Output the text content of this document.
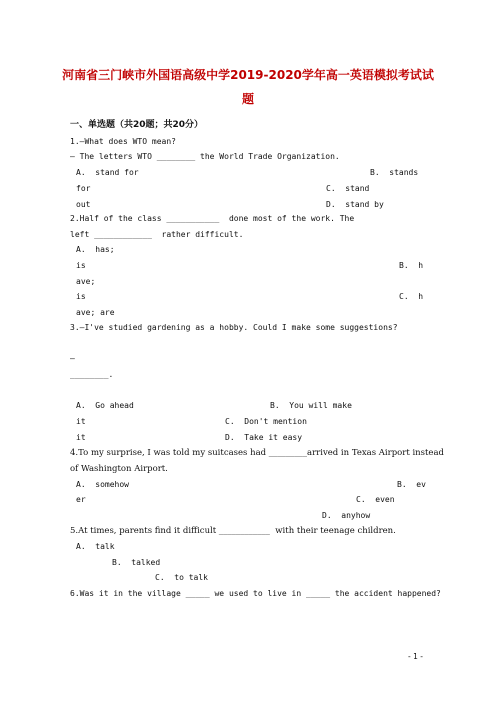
河南省三门峡市外国语高级中学2019-2020学年高一英语模拟考试试
题
一、单选题（共20题；共20分）
1.—What does WTO mean?
— The letters WTO ________ the World Trade Organization.
A.  stand for	B.  stands
for	C.  stand
out	D.  stand by
2.Half of the class ___________  done most of the work. The
left ____________  rather difficult.
A.  has;
is	B.  h
ave;
is	C.  h
ave; are
3.—I've studied gardening as a hobby. Could I make some suggestions?
—
________.
A.  Go ahead	B.  You will make
it	C.  Don't mention
it	D.  Take it easy
4.To my surprise, I was told my suitcases had _________arrived in Texas Airport instead
of Washington Airport.
A.  somehow	B.  ev
er	C.  even
D.  anyhow
5.At times, parents find it difficult ____________  with their teenage children.
A.  talk
B.  talked
C.  to talk
6.Was it in the village _____ we used to live in _____ the accident happened?
- 1 -
